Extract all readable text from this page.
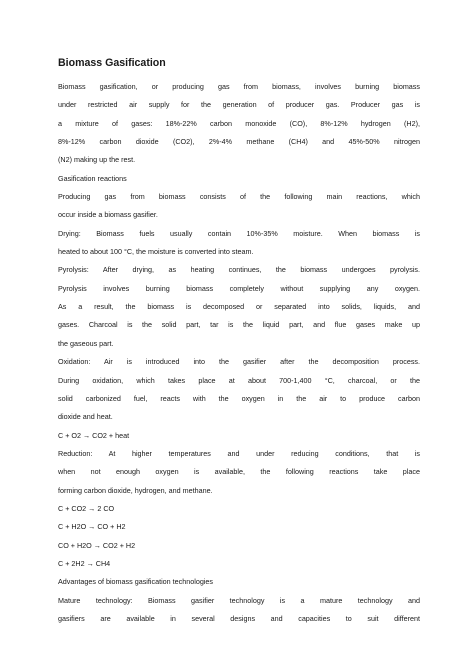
Biomass Gasification
Biomass gasification, or producing gas from biomass, involves burning biomass
under restricted air supply for the generation of producer gas. Producer gas is
a mixture of gases: 18%-22% carbon monoxide (CO), 8%-12% hydrogen (H2),
8%-12% carbon dioxide (CO2), 2%-4% methane (CH4) and 45%-50% nitrogen
(N2) making up the rest.
Gasification reactions
Producing gas from biomass consists of the following main reactions, which
occur inside a biomass gasifier.
Drying: Biomass fuels usually contain 10%-35% moisture. When biomass is
heated to about 100 °C, the moisture is converted into steam.
Pyrolysis: After drying, as heating continues, the biomass undergoes pyrolysis.
Pyrolysis involves burning biomass completely without supplying any oxygen.
As a result, the biomass is decomposed or separated into solids, liquids, and
gases. Charcoal is the solid part, tar is the liquid part, and flue gases make up
the gaseous part.
Oxidation: Air is introduced into the gasifier after the decomposition process.
During oxidation, which takes place at about 700-1,400 °C, charcoal, or the
solid carbonized fuel, reacts with the oxygen in the air to produce carbon
dioxide and heat.
C + O2 → CO2 + heat
Reduction: At higher temperatures and under reducing conditions, that is
when not enough oxygen is available, the following reactions take place
forming carbon dioxide, hydrogen, and methane.
C + CO2 → 2 CO
C + H2O → CO + H2
CO + H2O → CO2 + H2
C + 2H2 → CH4
Advantages of biomass gasification technologies
Mature technology: Biomass gasifier technology is a mature technology and
gasifiers are available in several designs and capacities to suit different
